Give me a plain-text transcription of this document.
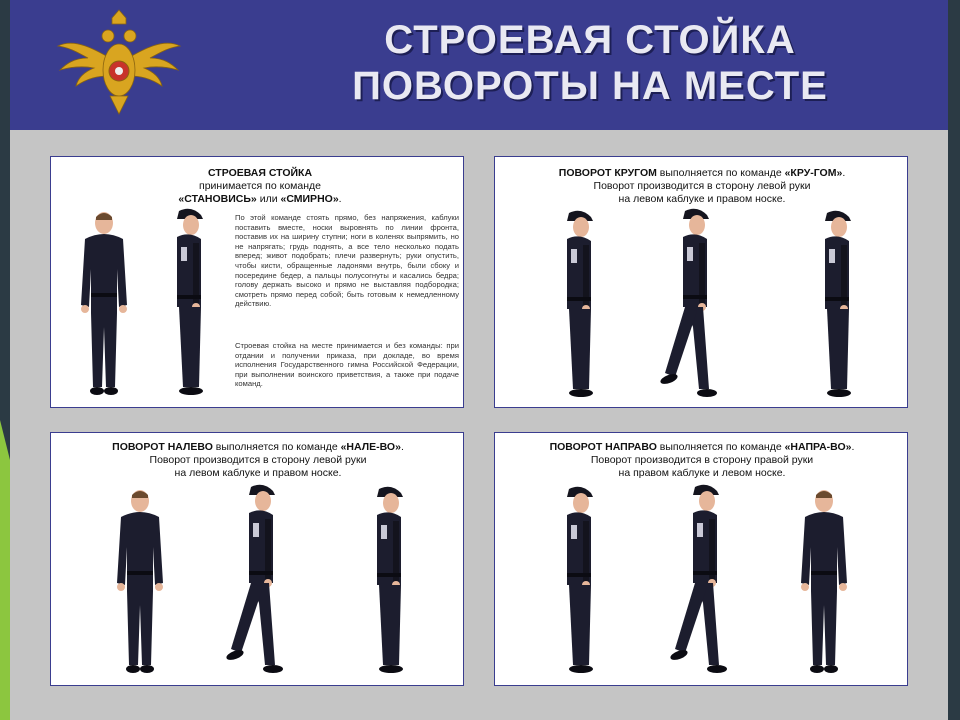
СТРОЕВАЯ СТОЙКА
ПОВОРОТЫ НА МЕСТЕ
СТРОЕВАЯ СТОЙКА
принимается по команде
«СТАНОВИСЬ» или «СМИРНО».
По этой команде стоять прямо, без напряжения, каблуки поставить вместе, носки выровнять по линии фронта, поставив их на ширину ступни; ноги в коленях выпрямить, но не напрягать; грудь поднять, а все тело несколько подать вперед; живот подобрать; плечи развернуть; руки опустить, чтобы кисти, обращенные ладонями внутрь, были сбоку и посередине бедер, а пальцы полусогнуты и касались бедра; голову держать высоко и прямо не выставляя подбородка; смотреть прямо перед собой; быть готовым к немедленному действию.
Строевая стойка на месте принимается и без команды: при отдании и получении приказа, при докладе, во время исполнения Государственного гимна Российской Федерации, при выполнении воинского приветствия, а также при подаче команд.
ПОВОРОТ КРУГОМ выполняется по команде «КРУ-ГОМ».
Поворот производится в сторону левой руки
на левом каблуке и правом носке.
ПОВОРОТ НАЛЕВО выполняется по команде «НАЛЕ-ВО».
Поворот производится в сторону левой руки
на левом каблуке и правом носке.
ПОВОРОТ НАПРАВО выполняется по команде «НАПРА-ВО».
Поворот производится в сторону правой руки
на правом каблуке и левом носке.
